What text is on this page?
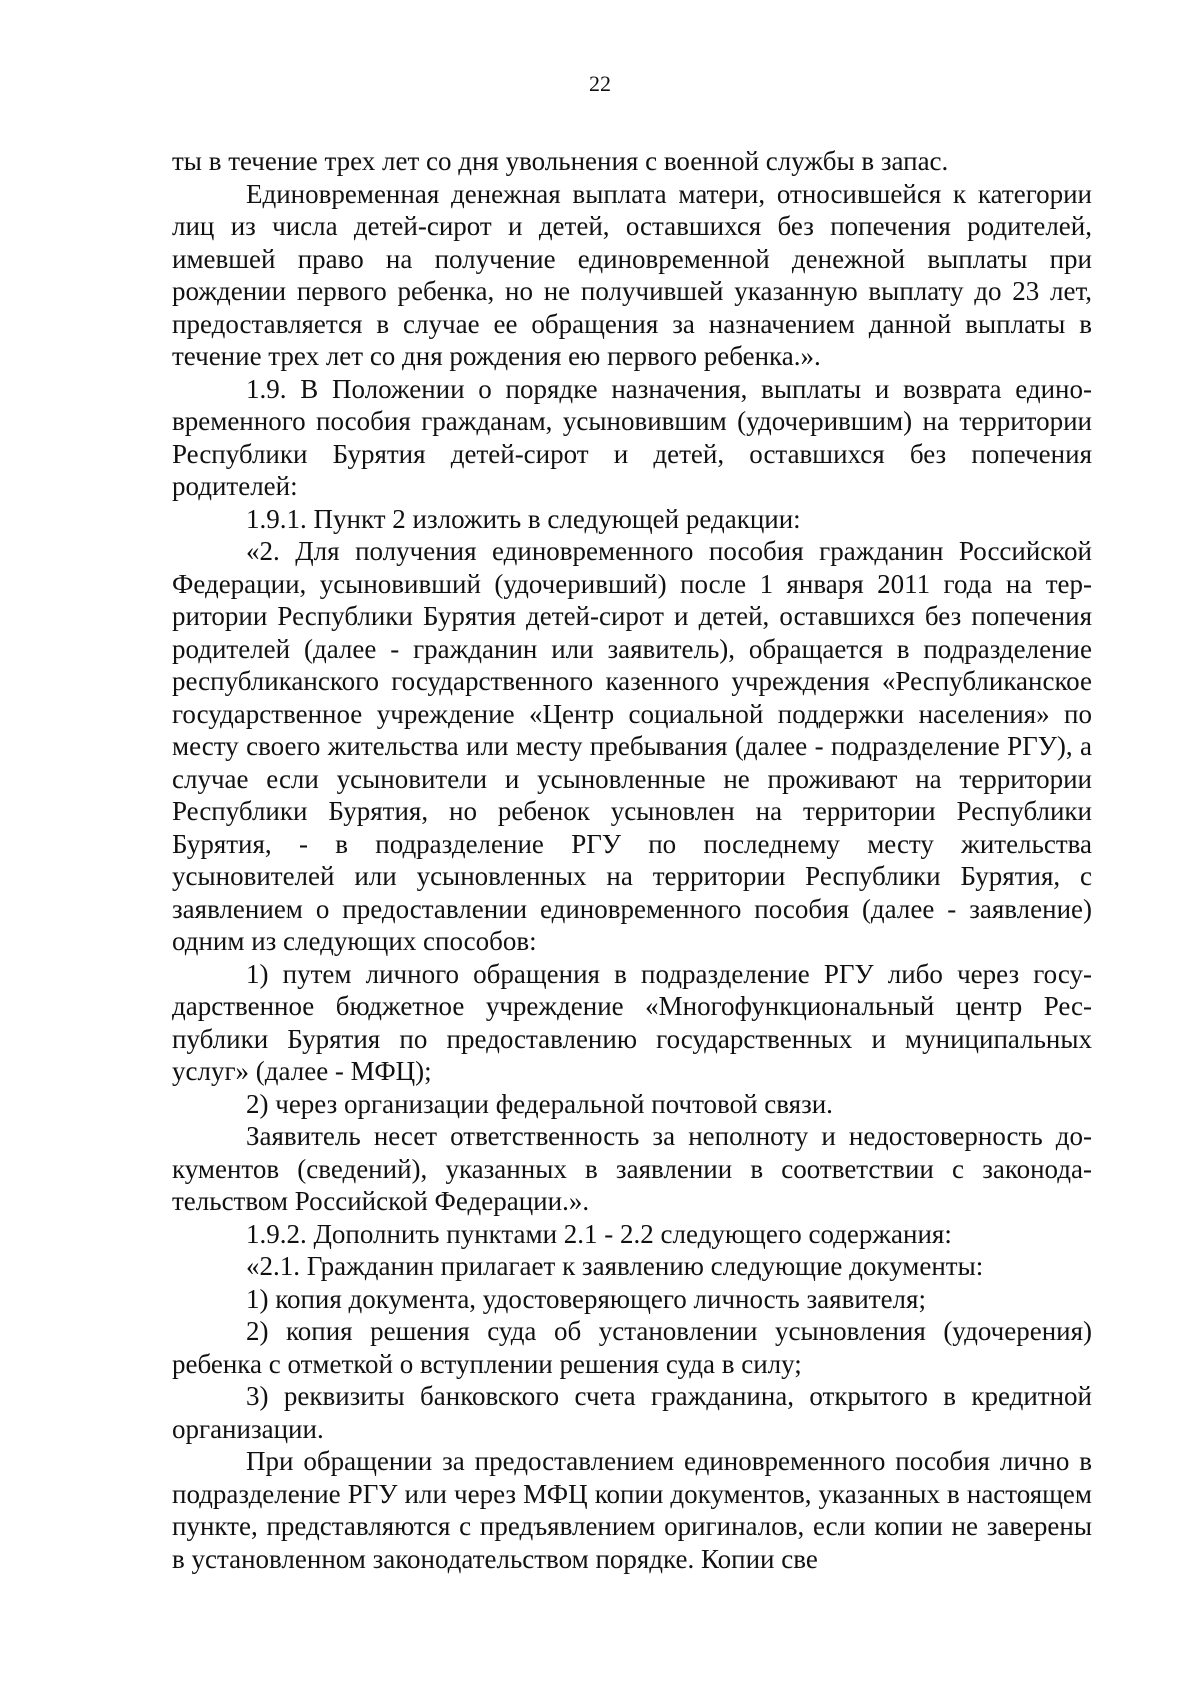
22

ты в течение трех лет со дня увольнения с военной службы в запас.

Единовременная денежная выплата матери, относившейся к категории лиц из числа детей-сирот и детей, оставшихся без попечения родителей, имевшей право на получение единовременной денежной выплаты при рождении первого ребенка, но не получившей указанную выплату до 23 лет, предоставляется в случае ее обращения за назначением данной выплаты в течение трех лет со дня рождения ею первого ребенка.».

1.9. В Положении о порядке назначения, выплаты и возврата единовременного пособия гражданам, усыновившим (удочерившим) на территории Республики Бурятия детей-сирот и детей, оставшихся без попечения родителей:

1.9.1. Пункт 2 изложить в следующей редакции:

«2. Для получения единовременного пособия гражданин Российской Федерации, усыновивший (удочеривший) после 1 января 2011 года на территории Республики Бурятия детей-сирот и детей, оставшихся без попечения родителей (далее - гражданин или заявитель), обращается в подразделение республиканского государственного казенного учреждения «Республиканское государственное учреждение «Центр социальной поддержки населения» по месту своего жительства или месту пребывания (далее - подразделение РГУ), а случае если усыновители и усыновленные не проживают на территории Республики Бурятия, но ребенок усыновлен на территории Республики Бурятия, - в подразделение РГУ по последнему месту жительства усыновителей или усыновленных на территории Республики Бурятия, с заявлением о предоставлении единовременного пособия (далее - заявление) одним из следующих способов:

1) путем личного обращения в подразделение РГУ либо через государственное бюджетное учреждение «Многофункциональный центр Республики Бурятия по предоставлению государственных и муниципальных услуг» (далее - МФЦ);

2) через организации федеральной почтовой связи.

Заявитель несет ответственность за неполноту и недостоверность документов (сведений), указанных в заявлении в соответствии с законодательством Российской Федерации.».

1.9.2. Дополнить пунктами 2.1 - 2.2 следующего содержания:

«2.1. Гражданин прилагает к заявлению следующие документы:

1) копия документа, удостоверяющего личность заявителя;

2) копия решения суда об установлении усыновления (удочерения) ребенка с отметкой о вступлении решения суда в силу;

3) реквизиты банковского счета гражданина, открытого в кредитной организации.

При обращении за предоставлением единовременного пособия лично в подразделение РГУ или через МФЦ копии документов, указанных в настоящем пункте, представляются с предъявлением оригиналов, если копии не заверены в установленном законодательством порядке. Копии све
